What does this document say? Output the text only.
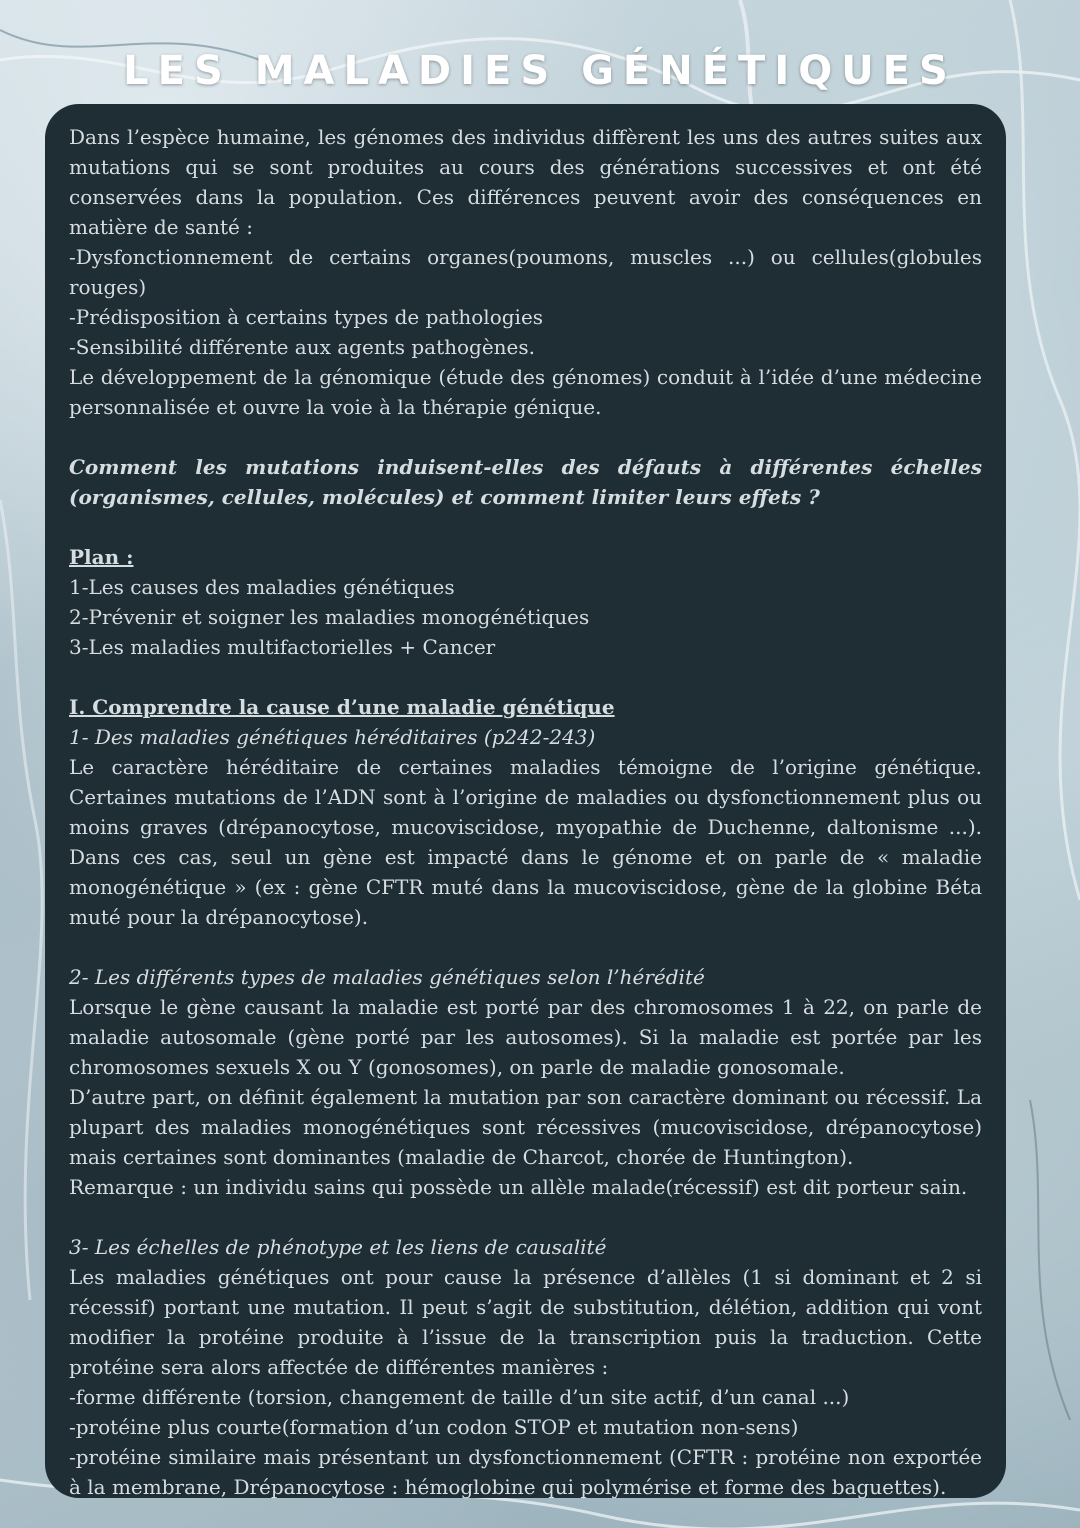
LES MALADIES GÉNÉTIQUES

Dans l’espèce humaine, les génomes des individus diffèrent les uns des autres suites aux mutations qui se sont produites au cours des générations successives et ont été conservées dans la population. Ces différences peuvent avoir des conséquences en matière de santé :

-Dysfonctionnement de certains organes(poumons, muscles ...) ou cellules(globules rouges)

-Prédisposition à certains types de pathologies

-Sensibilité différente aux agents pathogènes.

Le développement de la génomique (étude des génomes) conduit à l’idée d’une médecine personnalisée et ouvre la voie à la thérapie génique.

Comment les mutations induisent-elles des défauts à différentes échelles (organismes, cellules, molécules) et comment limiter leurs effets ?

Plan :

1-Les causes des maladies génétiques

2-Prévenir et soigner les maladies monogénétiques

3-Les maladies multifactorielles + Cancer

I. Comprendre la cause d’une maladie génétique

1- Des maladies génétiques héréditaires (p242-243)

Le caractère héréditaire de certaines maladies témoigne de l’origine génétique. Certaines mutations de l’ADN sont à l’origine de maladies ou dysfonctionnement plus ou moins graves (drépanocytose, mucoviscidose, myopathie de Duchenne, daltonisme ...). Dans ces cas, seul un gène est impacté dans le génome et on parle de « maladie monogénétique » (ex : gène CFTR muté dans la mucoviscidose, gène de la globine Béta muté pour la drépanocytose).

2- Les différents types de maladies génétiques selon l’hérédité

Lorsque le gène causant la maladie est porté par des chromosomes 1 à 22, on parle de maladie autosomale (gène porté par les autosomes). Si la maladie est portée par les chromosomes sexuels X ou Y (gonosomes), on parle de maladie gonosomale.

D’autre part, on définit également la mutation par son caractère dominant ou récessif. La plupart des maladies monogénétiques sont récessives (mucoviscidose, drépanocytose) mais certaines sont dominantes (maladie de Charcot, chorée de Huntington).

Remarque : un individu sains qui possède un allèle malade(récessif) est dit porteur sain.

3- Les échelles de phénotype et les liens de causalité

Les maladies génétiques ont pour cause la présence d’allèles (1 si dominant et 2 si récessif) portant une mutation. Il peut s’agit de substitution, délétion, addition qui vont modifier la protéine produite à l’issue de la transcription puis la traduction. Cette protéine sera alors affectée de différentes manières :

-forme différente (torsion, changement de taille d’un site actif, d’un canal ...)

-protéine plus courte(formation d’un codon STOP et mutation non-sens)

-protéine similaire mais présentant un dysfonctionnement (CFTR : protéine non exportée à la membrane, Drépanocytose : hémoglobine qui polymérise et forme des baguettes).
